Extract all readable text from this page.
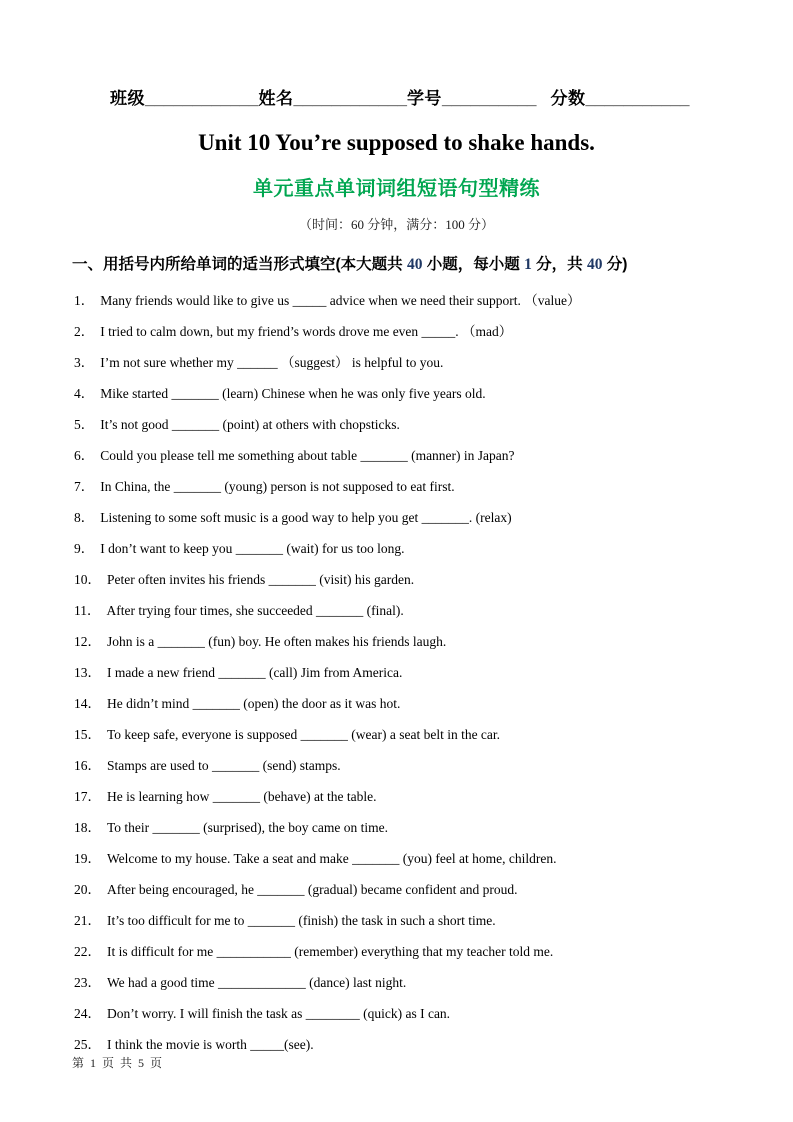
班级____________姓名____________学号__________ 分数___________
Unit 10 You’re supposed to shake hands.
单元重点单词词组短语句型精练
（时间：60 分钟，满分：100 分）
一、用括号内所给单词的适当形式填空(本大题共 40 小题，每小题 1 分，共 40 分)
1． Many friends would like to give us _____ advice when we need their support. （value）
2． I tried to calm down, but my friend’s words drove me even _____. （mad）
3． I’m not sure whether my ______ （suggest） is helpful to you.
4． Mike started _______ (learn) Chinese when he was only five years old.
5． It’s not good _______ (point) at others with chopsticks.
6． Could you please tell me something about table _______ (manner) in Japan?
7． In China, the _______ (young) person is not supposed to eat first.
8． Listening to some soft music is a good way to help you get _______. (relax)
9． I don’t want to keep you _______ (wait) for us too long.
10． Peter often invites his friends _______ (visit) his garden.
11． After trying four times, she succeeded _______ (final).
12． John is a _______ (fun) boy. He often makes his friends laugh.
13． I made a new friend _______ (call) Jim from America.
14． He didn’t mind _______ (open) the door as it was hot.
15． To keep safe, everyone is supposed _______ (wear) a seat belt in the car.
16． Stamps are used to _______ (send) stamps.
17． He is learning how _______ (behave) at the table.
18． To their _______ (surprised), the boy came on time.
19． Welcome to my house. Take a seat and make _______ (you) feel at home, children.
20． After being encouraged, he _______ (gradual) became confident and proud.
21． It’s too difficult for me to _______ (finish) the task in such a short time.
22． It is difficult for me ___________ (remember) everything that my teacher told me.
23． We had a good time _____________ (dance) last night.
24． Don’t worry. I will finish the task as ________ (quick) as I can.
25． I think the movie is worth _____(see).
第 1 页 共 5 页
